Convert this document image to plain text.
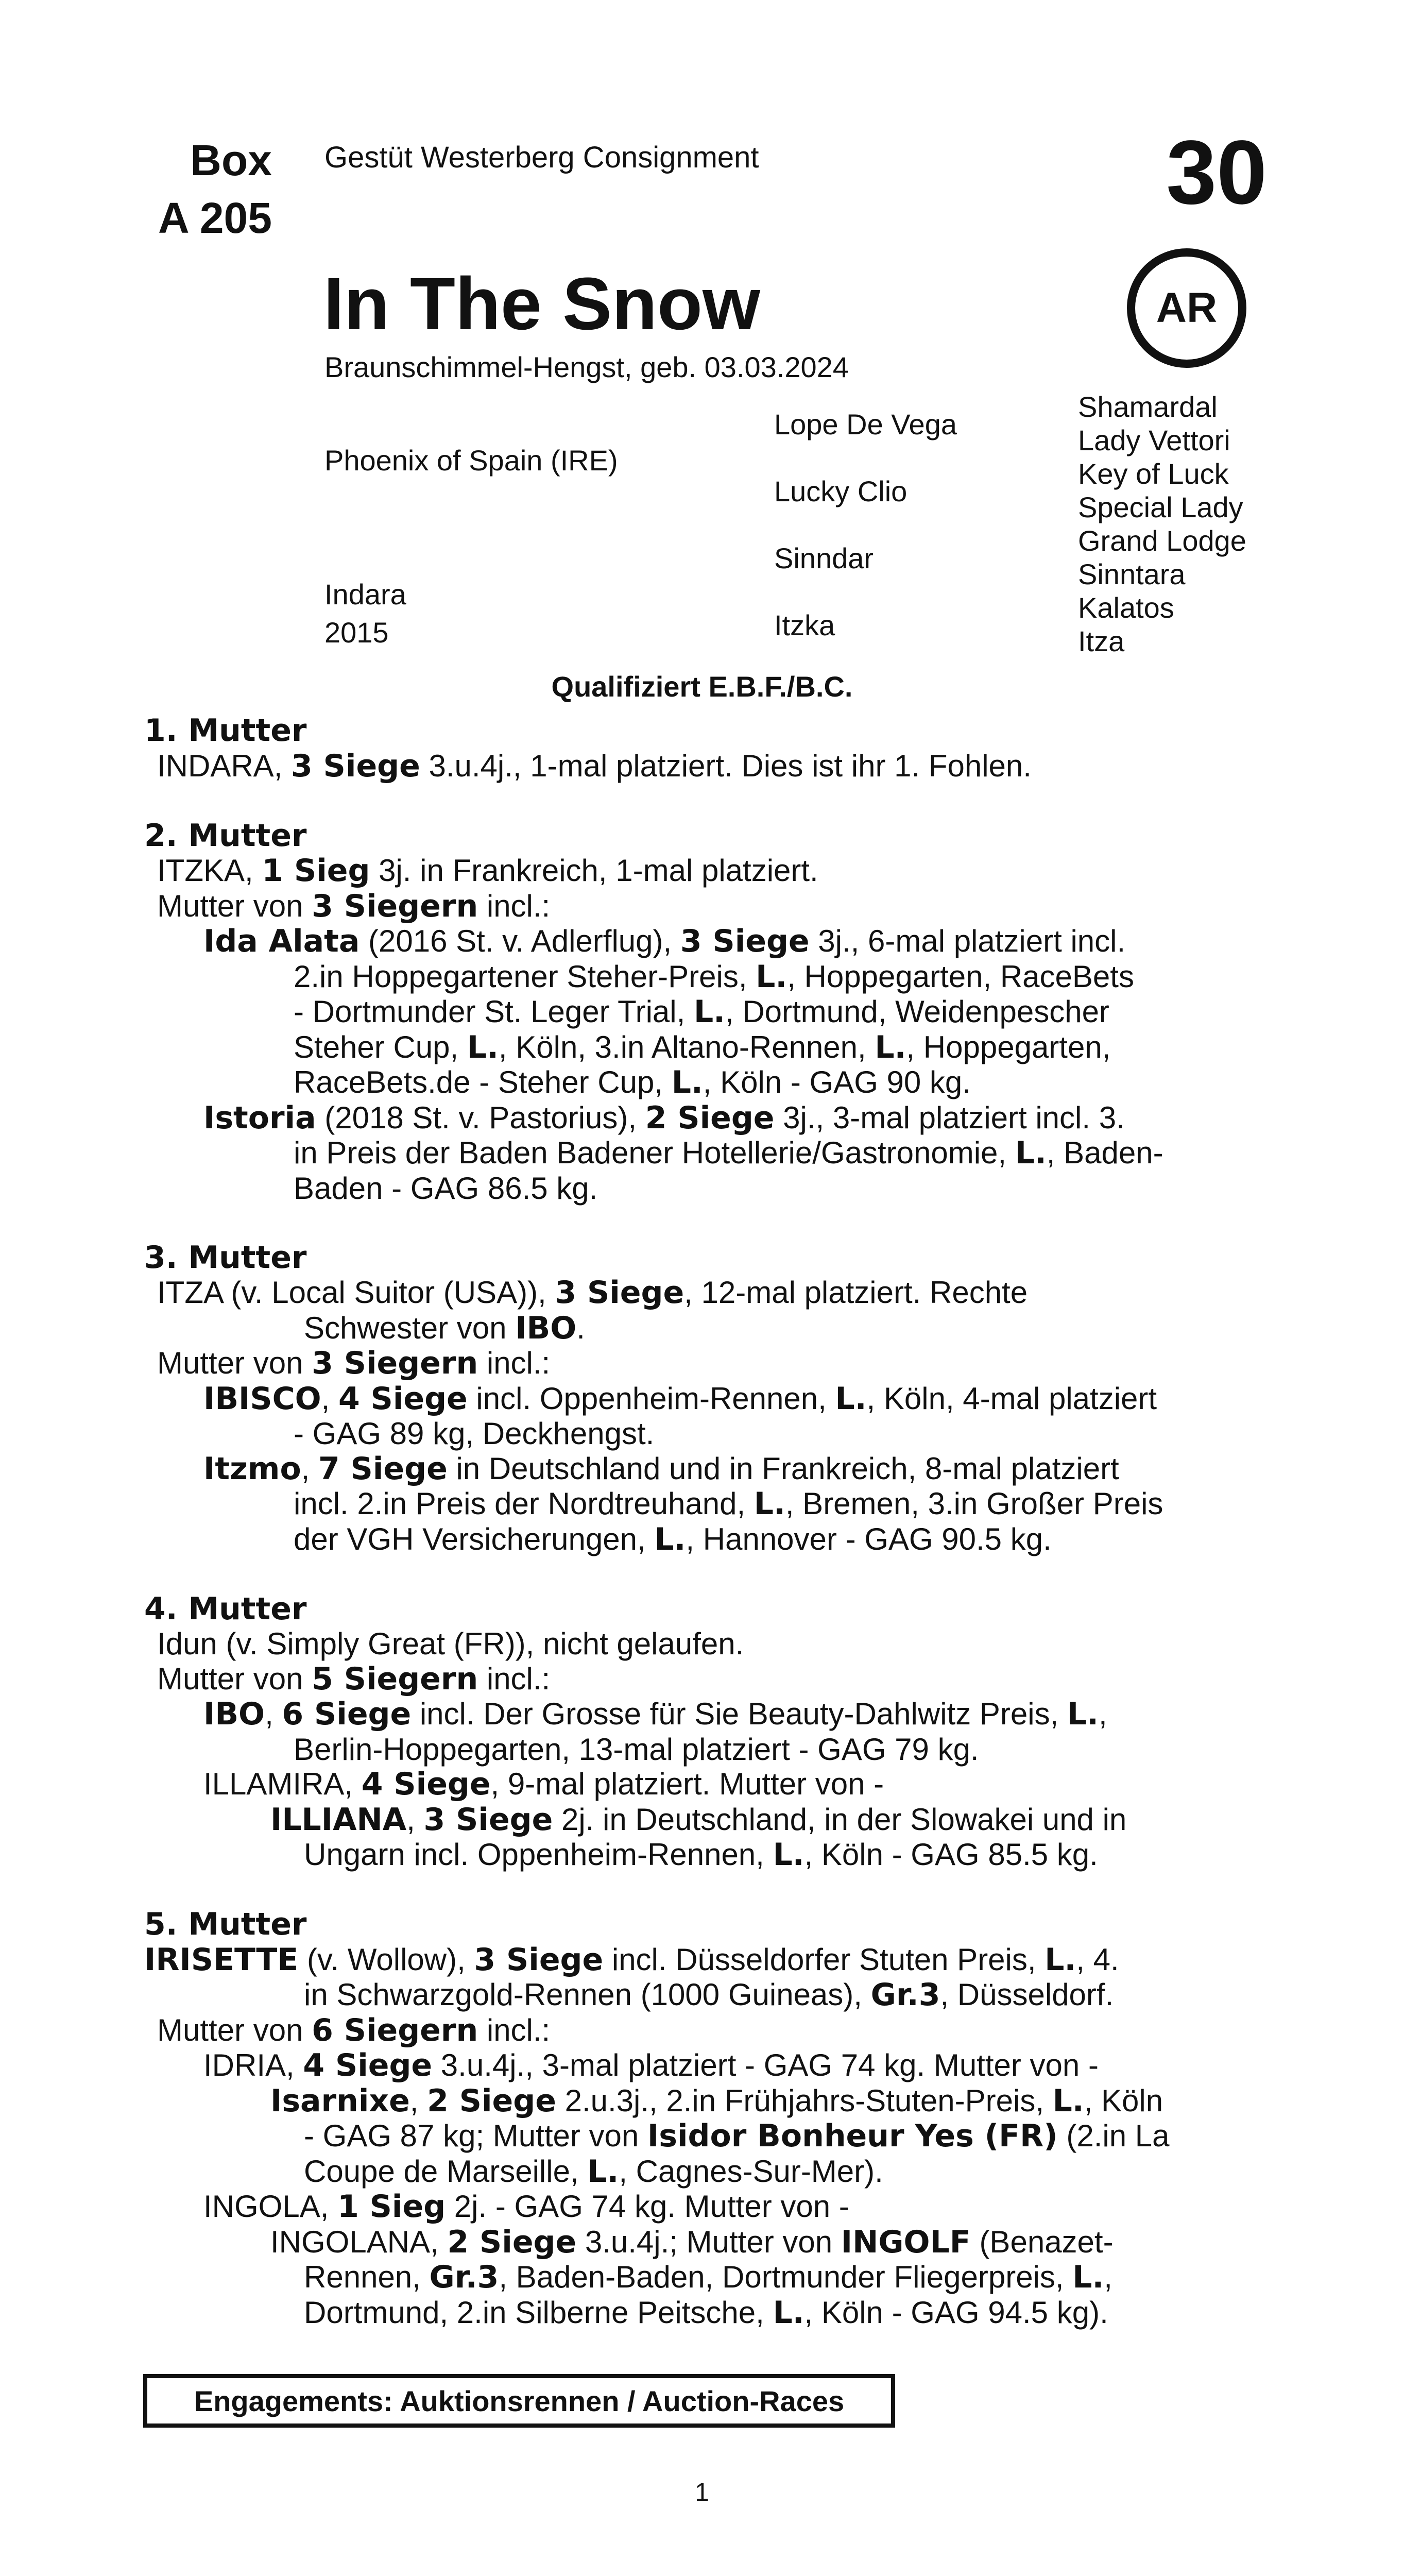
Box
A 205
Gestüt Westerberg Consignment	30
In The Snow
Braunschimmel-Hengst, geb. 03.03.2024
AR
Phoenix of Spain (IRE)
Indara
2015
Lope De Vega
Lucky Clio
Sinndar
Itzka
Shamardal
Lady Vettori
Key of Luck
Special Lady
Grand Lodge
Sinntara
Kalatos
Itza
Qualifiziert E.B.F./B.C.
1. Mutter
INDARA, 3 Siege 3.u.4j., 1-mal platziert. Dies ist ihr 1. Fohlen.
2. Mutter
ITZKA, 1 Sieg 3j. in Frankreich, 1-mal platziert.
Mutter von 3 Siegern incl.:
Ida Alata (2016 St. v. Adlerflug), 3 Siege 3j., 6-mal platziert incl.
2.in Hoppegartener Steher-Preis, L., Hoppegarten, RaceBets
- Dortmunder St. Leger Trial, L., Dortmund, Weidenpescher
Steher Cup, L., Köln, 3.in Altano-Rennen, L., Hoppegarten,
RaceBets.de - Steher Cup, L., Köln - GAG 90 kg.
Istoria (2018 St. v. Pastorius), 2 Siege 3j., 3-mal platziert incl. 3.
in Preis der Baden Badener Hotellerie/Gastronomie, L., Baden-
Baden - GAG 86.5 kg.
3. Mutter
ITZA (v. Local Suitor (USA)), 3 Siege, 12-mal platziert. Rechte
Schwester von IBO.
Mutter von 3 Siegern incl.:
IBISCO, 4 Siege incl. Oppenheim-Rennen, L., Köln, 4-mal platziert
- GAG 89 kg, Deckhengst.
Itzmo, 7 Siege in Deutschland und in Frankreich, 8-mal platziert
incl. 2.in Preis der Nordtreuhand, L., Bremen, 3.in Großer Preis
der VGH Versicherungen, L., Hannover - GAG 90.5 kg.
4. Mutter
Idun (v. Simply Great (FR)), nicht gelaufen.
Mutter von 5 Siegern incl.:
IBO, 6 Siege incl. Der Grosse für Sie Beauty-Dahlwitz Preis, L.,
Berlin-Hoppegarten, 13-mal platziert - GAG 79 kg.
ILLAMIRA, 4 Siege, 9-mal platziert. Mutter von -
ILLIANA, 3 Siege 2j. in Deutschland, in der Slowakei und in
Ungarn incl. Oppenheim-Rennen, L., Köln - GAG 85.5 kg.
5. Mutter
IRISETTE (v. Wollow), 3 Siege incl. Düsseldorfer Stuten Preis, L., 4.
in Schwarzgold-Rennen (1000 Guineas), Gr.3, Düsseldorf.
Mutter von 6 Siegern incl.:
IDRIA, 4 Siege 3.u.4j., 3-mal platziert - GAG 74 kg. Mutter von -
Isarnixe, 2 Siege 2.u.3j., 2.in Frühjahrs-Stuten-Preis, L., Köln
- GAG 87 kg; Mutter von Isidor Bonheur Yes (FR) (2.in La
Coupe de Marseille, L., Cagnes-Sur-Mer).
INGOLA, 1 Sieg 2j. - GAG 74 kg. Mutter von -
INGOLANA, 2 Siege 3.u.4j.; Mutter von INGOLF (Benazet-
Rennen, Gr.3, Baden-Baden, Dortmunder Fliegerpreis, L.,
Dortmund, 2.in Silberne Peitsche, L., Köln - GAG 94.5 kg).
Engagements: Auktionsrennen / Auction-Races
1
